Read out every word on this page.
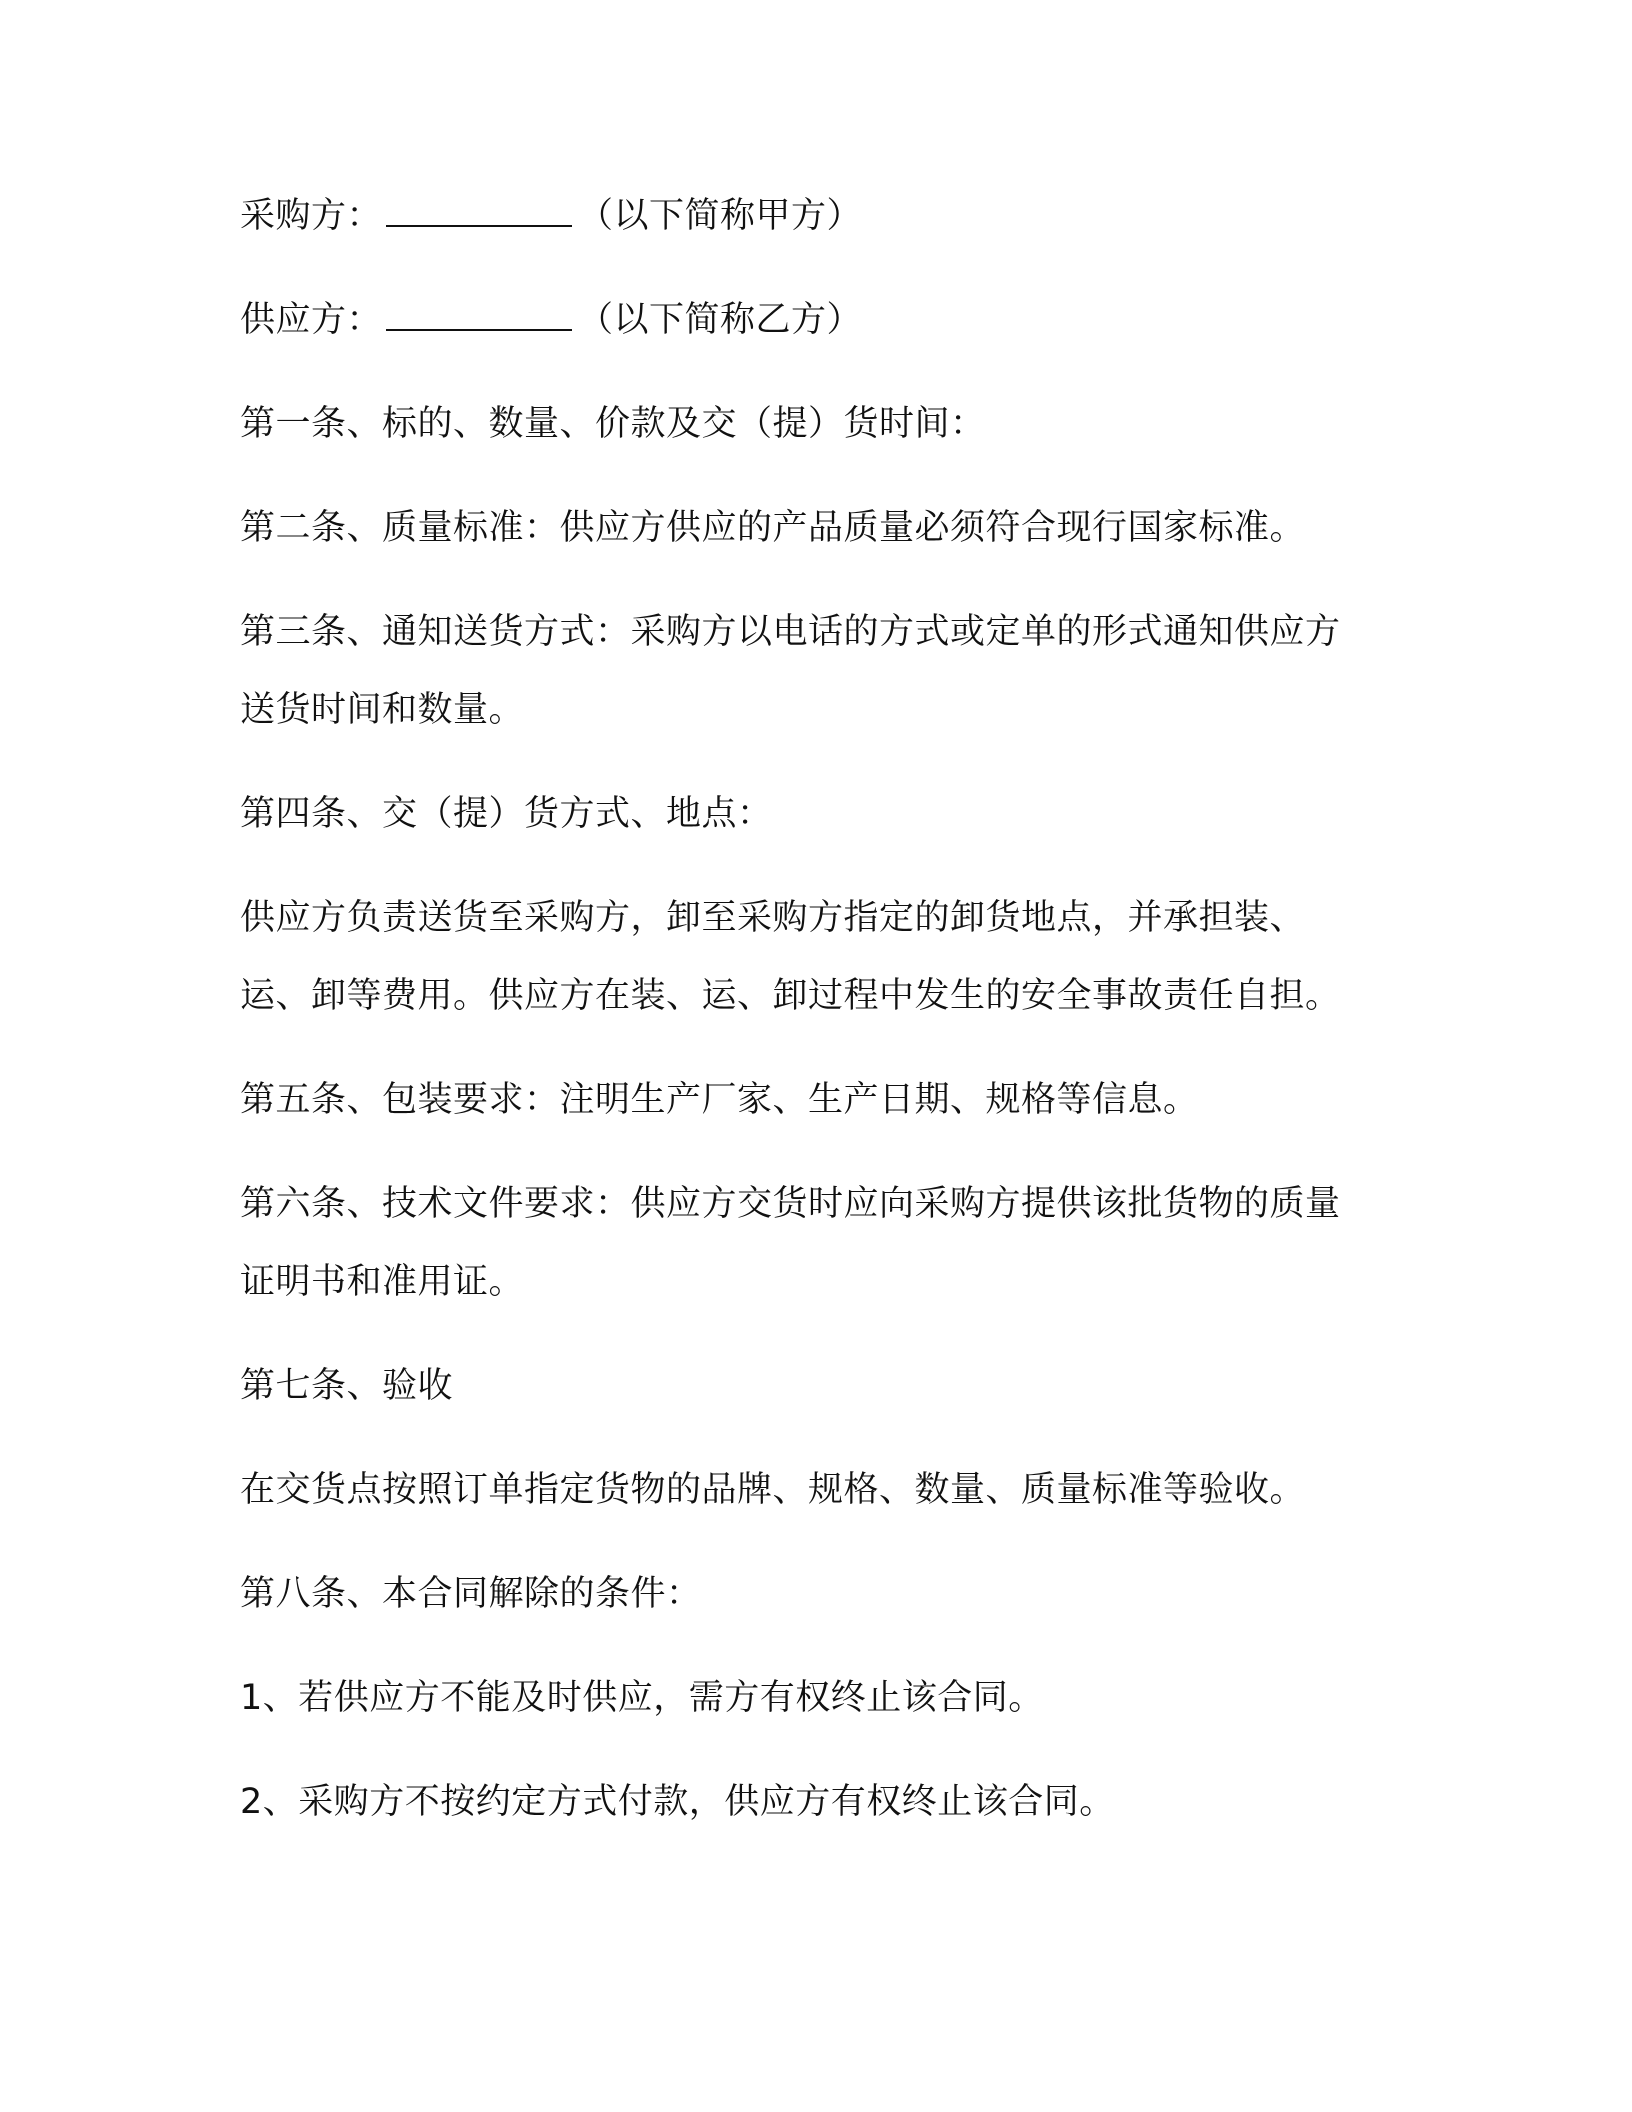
采购方：	（以下简称甲方）

供应方：	（以下简称乙方）

第一条、标的、数量、价款及交（提）货时间：

第二条、质量标准：供应方供应的产品质量必须符合现行国家标准。

第三条、通知送货方式：采购方以电话的方式或定单的形式通知供应方送货时间和数量。

第四条、交（提）货方式、地点：

供应方负责送货至采购方，卸至采购方指定的卸货地点，并承担装、运、卸等费用。供应方在装、运、卸过程中发生的安全事故责任自担。

第五条、包装要求：注明生产厂家、生产日期、规格等信息。

第六条、技术文件要求：供应方交货时应向采购方提供该批货物的质量证明书和准用证。

第七条、验收

在交货点按照订单指定货物的品牌、规格、数量、质量标准等验收。

第八条、本合同解除的条件：

1、若供应方不能及时供应，需方有权终止该合同。

2、采购方不按约定方式付款，供应方有权终止该合同。
